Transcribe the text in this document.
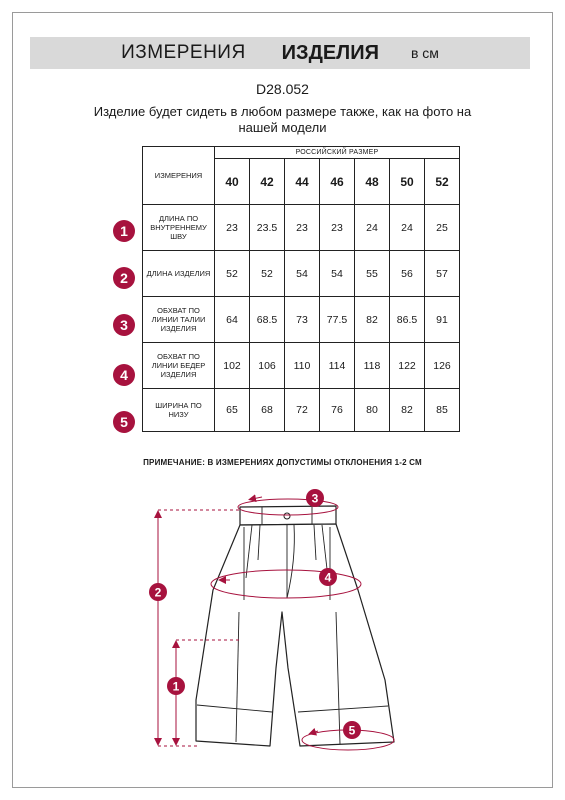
ИЗМЕРЕНИЯ ИЗДЕЛИЯ в см
D28.052
Изделие будет сидеть в любом размере также, как на фото на нашей модели
ИЗМЕРЕНИЯ	РОССИЙСКИЙ РАЗМЕР						
	40	42	44	46	48	50	52
ДЛИНА ПО ВНУТРЕННЕМУ ШВУ	23	23.5	23	23	24	24	25
ДЛИНА ИЗДЕЛИЯ	52	52	54	54	55	56	57
ОБХВАТ ПО ЛИНИИ ТАЛИИ ИЗДЕЛИЯ	64	68.5	73	77.5	82	86.5	91
ОБХВАТ ПО ЛИНИИ БЕДЕР ИЗДЕЛИЯ	102	106	110	114	118	122	126
ШИРИНА ПО НИЗУ	65	68	72	76	80	82	85
1
2
3
4
5
ПРИМЕЧАНИЕ: В ИЗМЕРЕНИЯХ ДОПУСТИМЫ ОТКЛОНЕНИЯ 1-2 СМ
3
4
2
1
5
